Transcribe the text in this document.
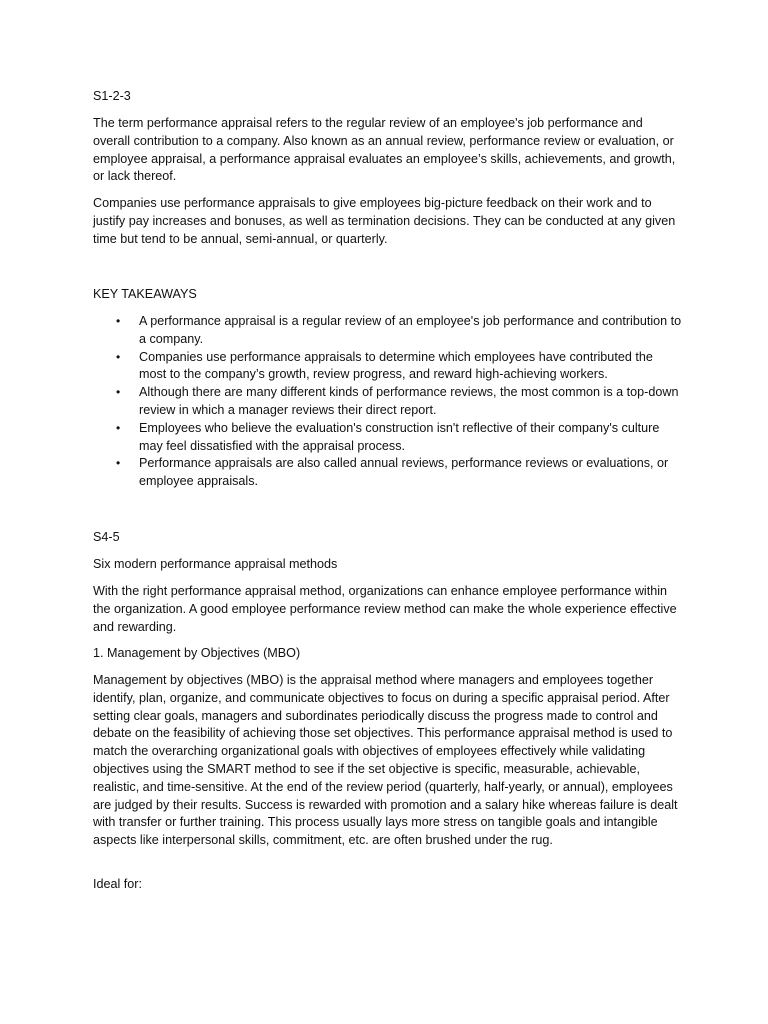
S1-2-3

The term performance appraisal refers to the regular review of an employee's job performance and overall contribution to a company. Also known as an annual review, performance review or evaluation, or employee appraisal, a performance appraisal evaluates an employee’s skills, achievements, and growth, or lack thereof.

Companies use performance appraisals to give employees big-picture feedback on their work and to justify pay increases and bonuses, as well as termination decisions. They can be conducted at any given time but tend to be annual, semi-annual, or quarterly.

KEY TAKEAWAYS

• A performance appraisal is a regular review of an employee's job performance and contribution to a company.
• Companies use performance appraisals to determine which employees have contributed the most to the company’s growth, review progress, and reward high-achieving workers.
• Although there are many different kinds of performance reviews, the most common is a top-down review in which a manager reviews their direct report.
• Employees who believe the evaluation's construction isn't reflective of their company's culture may feel dissatisfied with the appraisal process.
• Performance appraisals are also called annual reviews, performance reviews or evaluations, or employee appraisals.

S4-5

Six modern performance appraisal methods

With the right performance appraisal method, organizations can enhance employee performance within the organization. A good employee performance review method can make the whole experience effective and rewarding.

1. Management by Objectives (MBO)

Management by objectives (MBO) is the appraisal method where managers and employees together identify, plan, organize, and communicate objectives to focus on during a specific appraisal period. After setting clear goals, managers and subordinates periodically discuss the progress made to control and debate on the feasibility of achieving those set objectives. This performance appraisal method is used to match the overarching organizational goals with objectives of employees effectively while validating objectives using the SMART method to see if the set objective is specific, measurable, achievable, realistic, and time-sensitive. At the end of the review period (quarterly, half-yearly, or annual), employees are judged by their results. Success is rewarded with promotion and a salary hike whereas failure is dealt with transfer or further training. This process usually lays more stress on tangible goals and intangible aspects like interpersonal skills, commitment, etc. are often brushed under the rug.

Ideal for:
